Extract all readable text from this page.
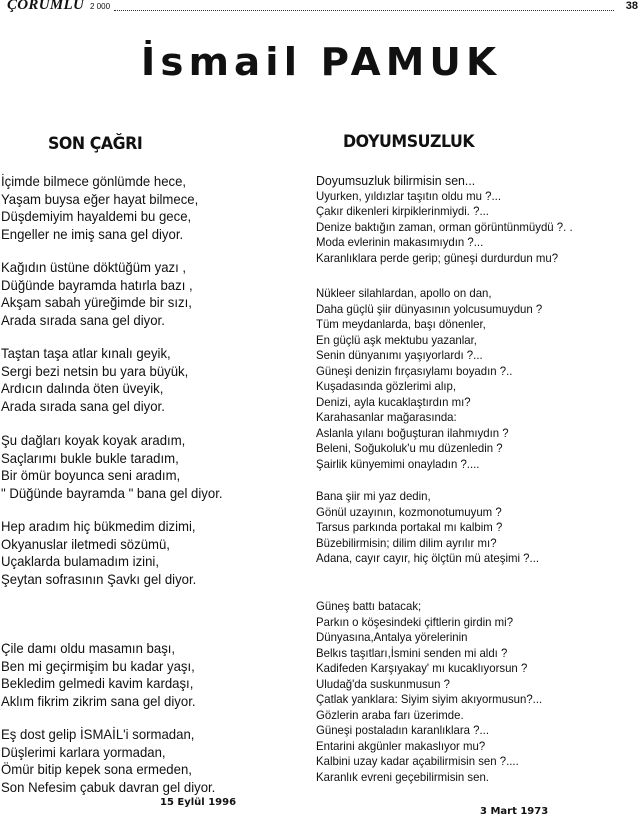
ÇORUMLU 2 000	38
İsmail PAMUK
SON ÇAĞRI	DOYUMSUZLUK
İçimde bilmece gönlümde hece,
Yaşam buysa eğer hayat bilmece,
Düşdemiyim hayaldemi bu gece,
Engeller ne imiş sana gel diyor.
Kağıdın üstüne döktüğüm yazı ,
Düğünde bayramda hatırla bazı ,
Akşam sabah yüreğimde bir sızı,
Arada sırada sana gel diyor.
Taştan taşa atlar kınalı geyik,
Sergi bezi netsin bu yara büyük,
Ardıcın dalında öten üveyik,
Arada sırada sana gel diyor.
Şu dağları koyak koyak aradım,
Saçlarımı bukle bukle taradım,
Bir ömür boyunca seni aradım,
" Düğünde bayramda " bana gel diyor.
Hep aradım hiç bükmedim dizimi,
Okyanuslar iletmedi sözümü,
Uçaklarda bulamadım izini,
Şeytan sofrasının Şavkı gel diyor.
Çile damı oldu masamın başı,
Ben mi geçirmişim bu kadar yaşı,
Bekledim gelmedi kavim kardaşı,
Aklım fikrim zikrim sana gel diyor.
Eş dost gelip İSMAİL'i sormadan,
Düşlerimi karlara yormadan,
Ömür bitip kepek sona ermeden,
Son Nefesim çabuk davran gel diyor.
15 Eylül 1996
Doyumsuzluk bilirmisin sen...
Uyurken, yıldızlar taşıtın oldu mu ?...
Çakır dikenleri kirpiklerinmiydi. ?...
Denize baktığın zaman, orman görüntünmüydü ?. .
Moda evlerinin makasımıydın ?...
Karanlıklara perde gerip; güneşi durdurdun mu?
Nükleer silahlardan, apollo on dan,
Daha güçlü şiir dünyasının yolcusumuydun ?
Tüm meydanlarda, başı dönenler,
En güçlü aşk mektubu yazanlar,
Senin dünyanımı yaşıyorlardı ?...
Güneşi denizin fırçasıylamı boyadın ?..
Kuşadasında gözlerimi alıp,
Denizi, ayla kucaklaştırdın mı?
Karahasanlar mağarasında:
Aslanla yılanı boğuşturan ilahmıydın ?
Beleni, Soğukoluk'u mu düzenledin ?
Şairlik künyemimi onayladın ?....
Bana şiir mi yaz dedin,
Gönül uzayının, kozmonotumuyum ?
Tarsus parkında portakal mı kalbim ?
Büzebilirmisin; dilim dilim ayrılır mı?
Adana, cayır cayır, hiç ölçtün mü ateşimi ?...
Güneş battı batacak;
Parkın o köşesindeki çiftlerin girdin mi?
Dünyasına,Antalya yörelerinin
Belkıs taşıtları,İsmini senden mi aldı ?
Kadifeden Karşıyakay' mı kucaklıyorsun ?
Uludağ'da suskunmusun ?
Çatlak yanklara: Siyim siyim akıyormusun?...
Gözlerin araba farı üzerimde.
Güneşi postaladın karanlıklara ?...
Entarini akgünler makaslıyor mu?
Kalbini uzay kadar açabilirmisin sen ?....
Karanlık evreni geçebilirmisin sen.
3 Mart 1973
